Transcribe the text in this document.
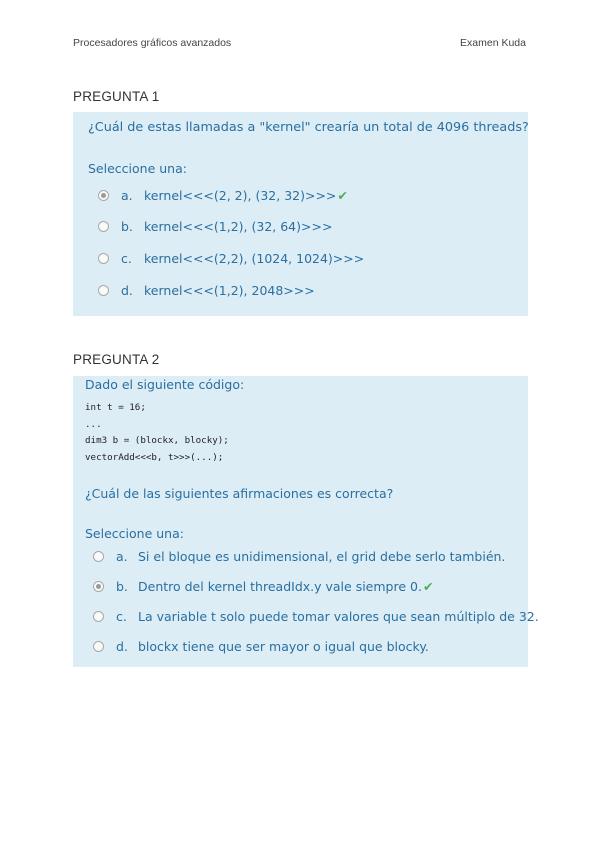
Procesadores gráficos avanzados	Examen Kuda
PREGUNTA 1
¿Cuál de estas llamadas a "kernel" crearía un total de 4096 threads?
Seleccione una:
a. kernel<<<(2, 2), (32, 32)>>>✔
b. kernel<<<(1,2), (32, 64)>>>
c. kernel<<<(2,2), (1024, 1024)>>>
d. kernel<<<(1,2), 2048>>>
PREGUNTA 2
Dado el siguiente código:
int t = 16;
...
dim3 b = (blockx, blocky);
vectorAdd<<<b, t>>>(...);
¿Cuál de las siguientes afirmaciones es correcta?
Seleccione una:
a. Si el bloque es unidimensional, el grid debe serlo también.
b. Dentro del kernel threadIdx.y vale siempre 0.✔
c. La variable t solo puede tomar valores que sean múltiplo de 32.
d. blockx tiene que ser mayor o igual que blocky.
